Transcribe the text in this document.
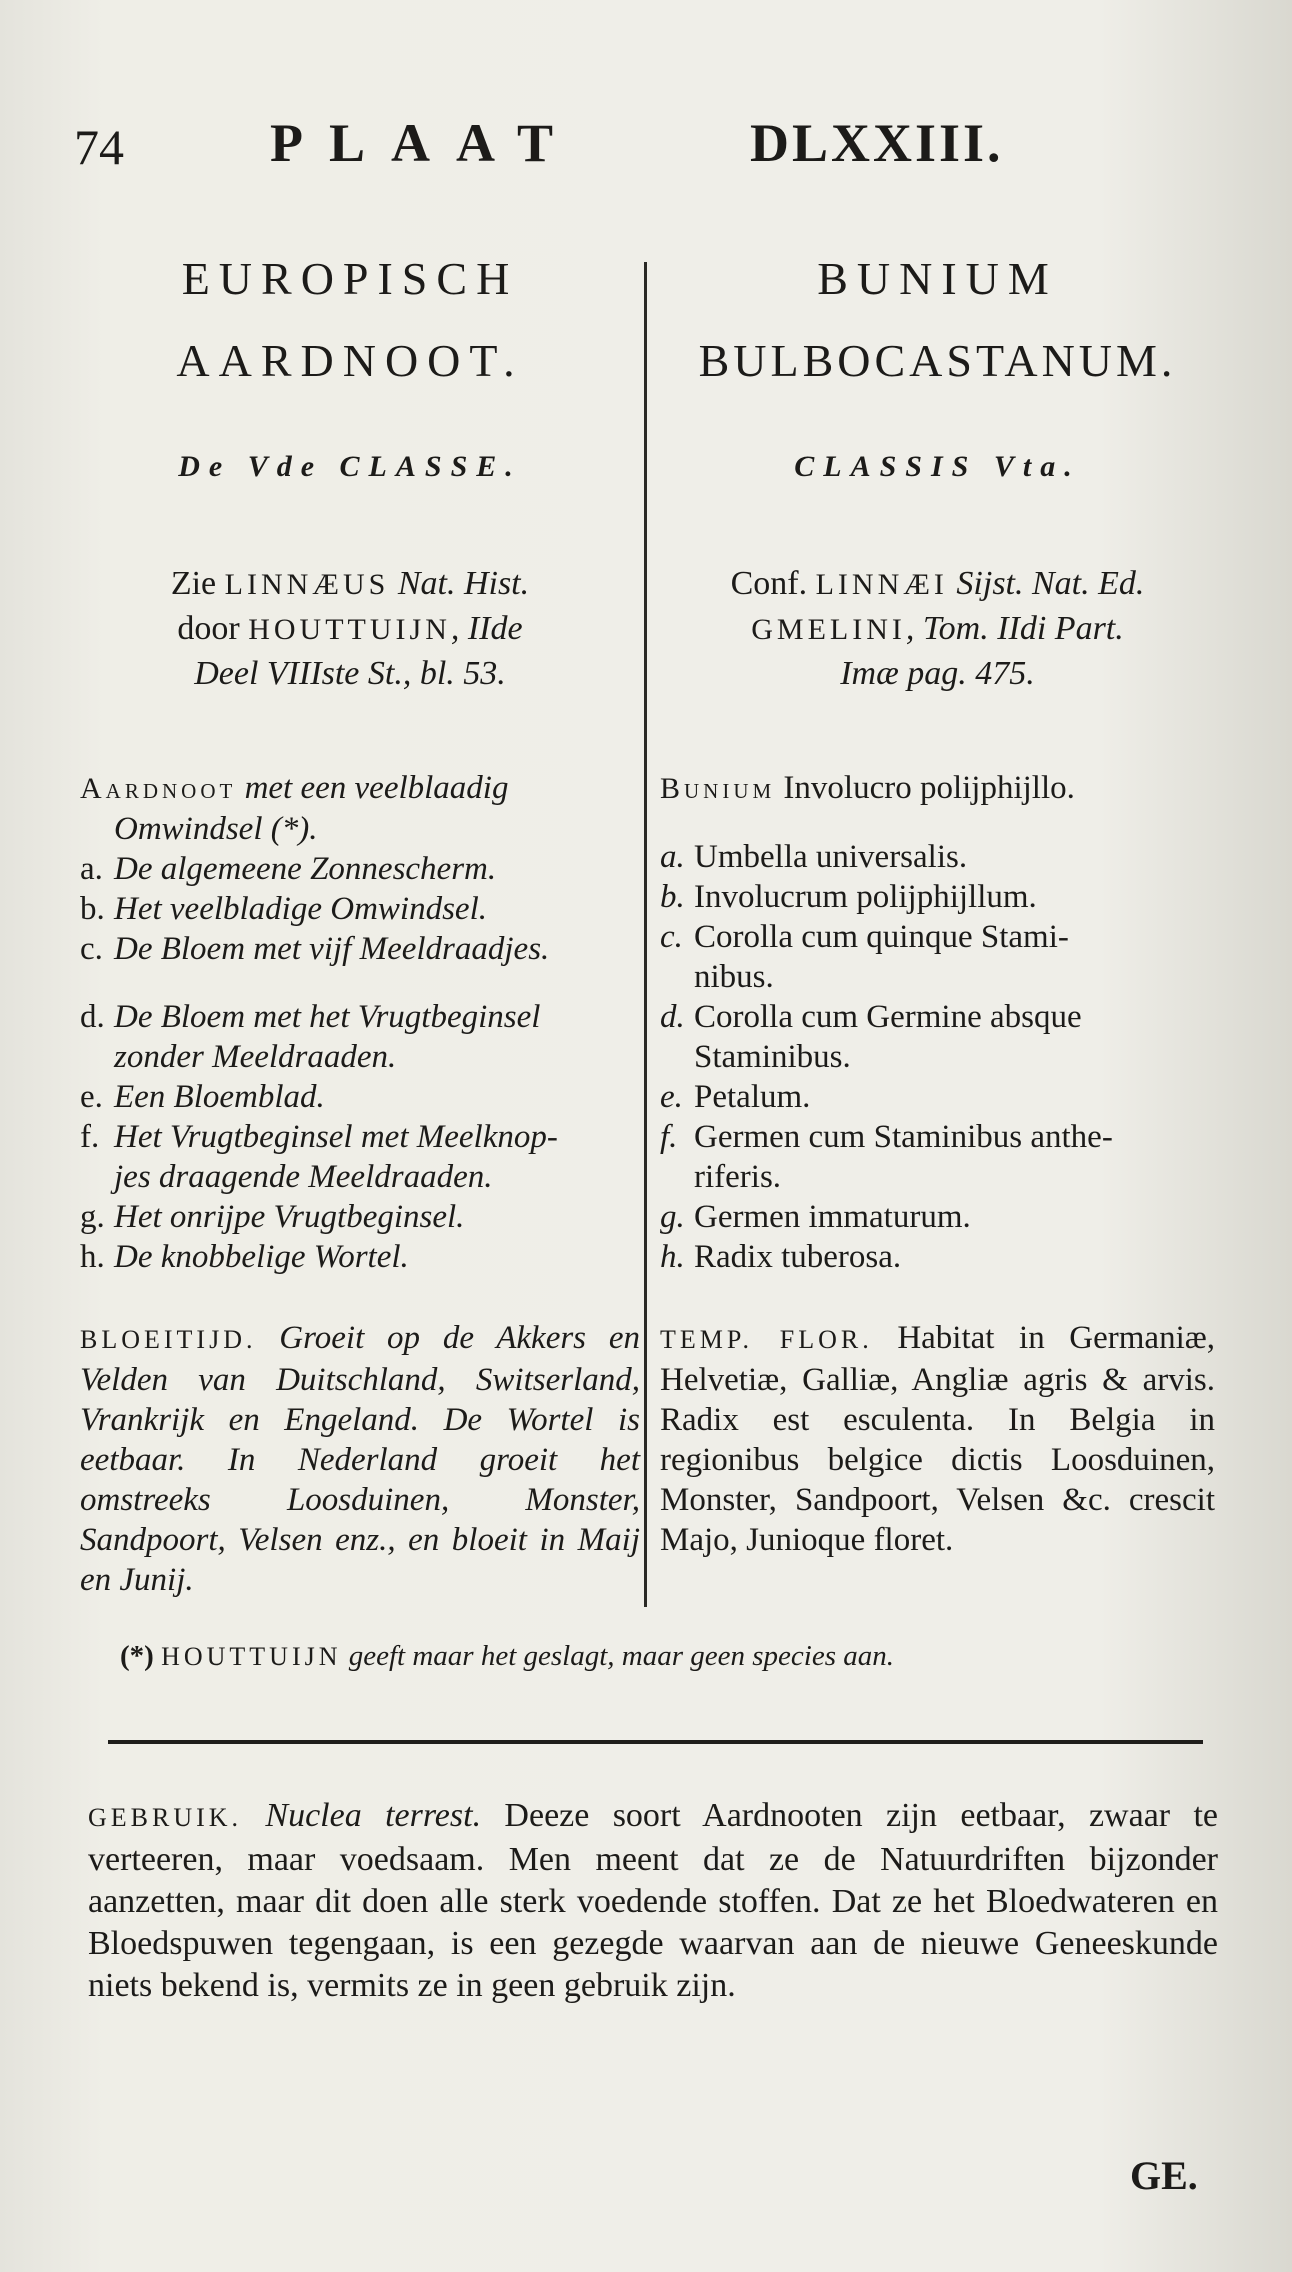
74	PLAAT	DLXXIII.
EUROPISCH
AARDNOOT.
De Vde CLASSE.
Zie LINNÆUS Nat. Hist.
door HOUTTUIJN, IIde
Deel VIIIste St., bl. 53.
Aardnoot met een veelblaadig
Omwindsel (*).
a. De algemeene Zonnescherm.
b. Het veelbladige Omwindsel.
c. De Bloem met vijf Meeldraadjes.
d. De Bloem met het Vrugtbeginsel
zonder Meeldraaden.
e. Een Bloemblad.
f. Het Vrugtbeginsel met Meelknop-
jes draagende Meeldraaden.
g. Het onrijpe Vrugtbeginsel.
h. De knobbelige Wortel.
BLOEITIJD. Groeit op de Akkers en Velden van Duitschland, Switserland, Vrankrijk en Engeland. De Wortel is eetbaar. In Nederland groeit het omstreeks Loosduinen, Monster, Sandpoort, Velsen enz., en bloeit in Maij en Junij.
BUNIUM
BULBOCASTANUM.
CLASSIS Vta.
Conf. LINNÆI Sijst. Nat. Ed.
GMELINI, Tom. IIdi Part.
Imæ pag. 475.
Bunium Involucro polijphijllo.
a. Umbella universalis.
b. Involucrum polijphijllum.
c. Corolla cum quinque Stami-
nibus.
d. Corolla cum Germine absque
Staminibus.
e. Petalum.
f. Germen cum Staminibus anthe-
riferis.
g. Germen immaturum.
h. Radix tuberosa.
TEMP. FLOR. Habitat in Germaniæ, Helvetiæ, Galliæ, Angliæ agris & arvis. Radix est esculenta. In Belgia in regionibus belgice dictis Loosduinen, Monster, Sandpoort, Velsen &c. crescit Majo, Junioque floret.
(*) HOUTTUIJN geeft maar het geslagt, maar geen species aan.
GEBRUIK. Nuclea terrest. Deeze soort Aardnooten zijn eetbaar, zwaar te verteeren, maar voedsaam. Men meent dat ze de Natuurdriften bijzonder aanzetten, maar dit doen alle sterk voedende stoffen. Dat ze het Bloedwateren en Bloedspuwen tegengaan, is een gezegde waarvan aan de nieuwe Geneeskunde niets bekend is, vermits ze in geen gebruik zijn.
GE.
